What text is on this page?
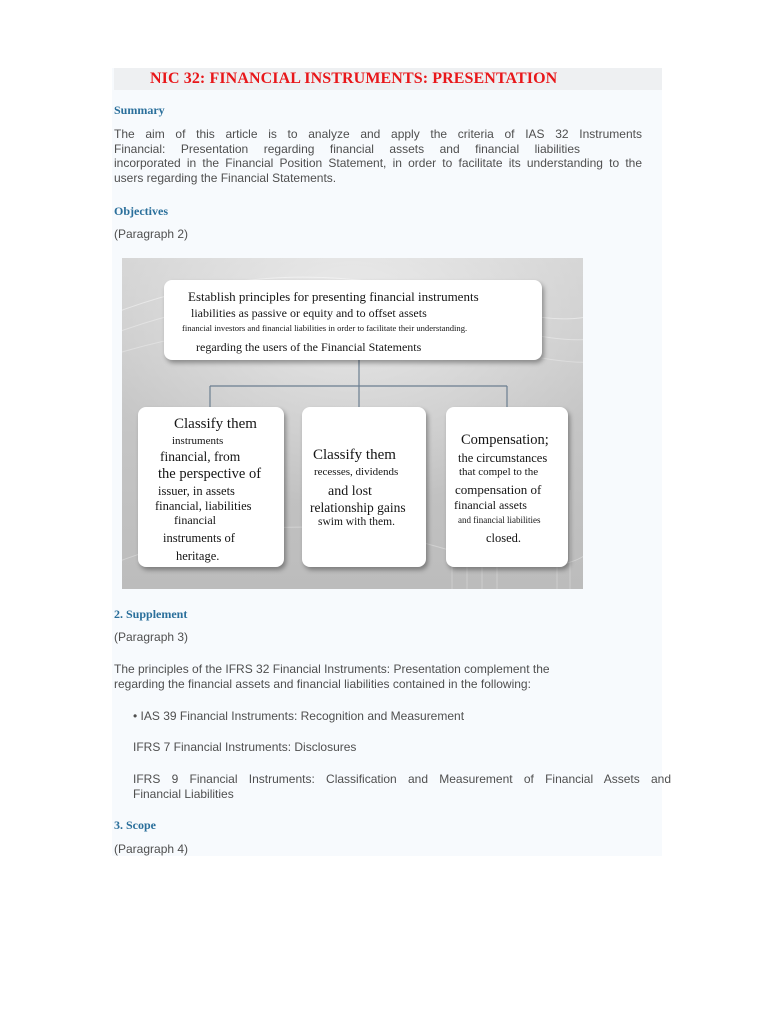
NIC 32: FINANCIAL INSTRUMENTS: PRESENTATION
Summary
The aim of this article is to analyze and apply the criteria of IAS 32 Instruments
Financial: Presentation regarding financial assets and financial liabilities
incorporated in the Financial Position Statement, in order to facilitate its understanding to the
users regarding the Financial Statements.
Objectives
(Paragraph 2)
Establish principles for presenting financial instruments
liabilities as passive or equity and to offset assets
financial investors and financial liabilities in order to facilitate their understanding.
regarding the users of the Financial Statements
Classify them
instruments
financial, from
the perspective of
issuer, in assets
financial, liabilities
financial
instruments of
heritage.
Classify them
recesses, dividends
and lost
relationship gains
swim with them.
Compensation;
the circumstances
that compel to the
compensation of
financial assets
and financial liabilities
closed.
2. Supplement
(Paragraph 3)
The principles of the IFRS 32 Financial Instruments: Presentation complement the
regarding the financial assets and financial liabilities contained in the following:
• IAS 39 Financial Instruments: Recognition and Measurement
IFRS 7 Financial Instruments: Disclosures
IFRS 9 Financial Instruments: Classification and Measurement of Financial Assets and
Financial Liabilities
3. Scope
(Paragraph 4)
